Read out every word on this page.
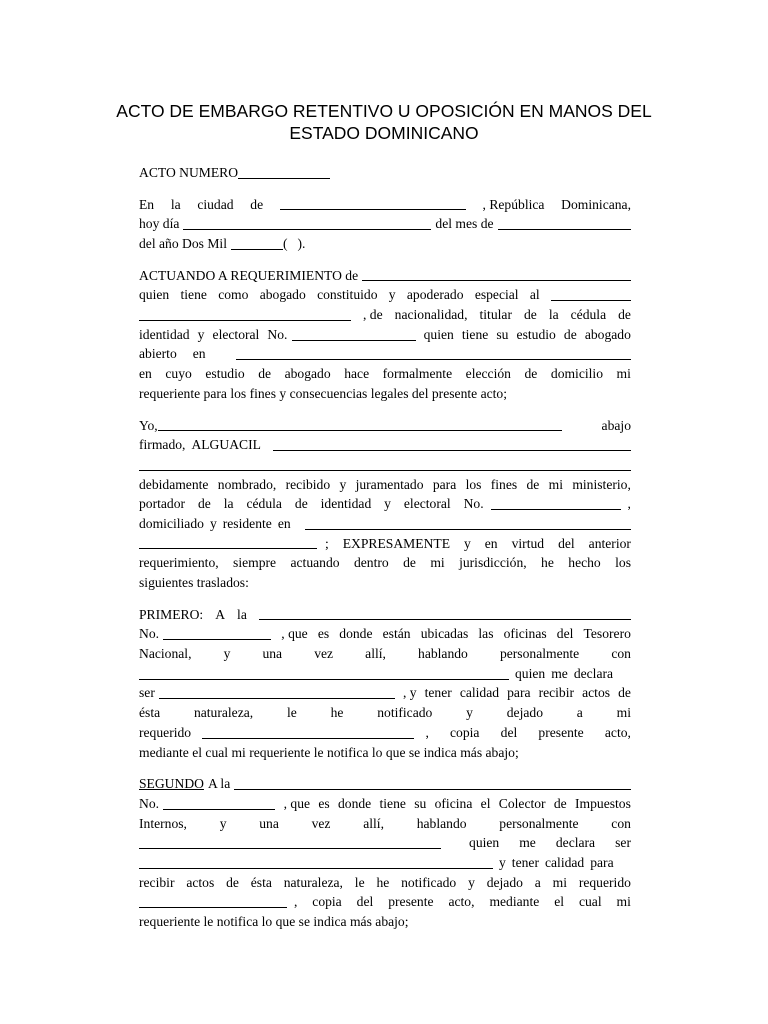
ACTO DE EMBARGO RETENTIVO U OPOSICIÓN EN MANOS DEL
ESTADO DOMINICANO
ACTO NUMERO
En la ciudad de	, República Dominicana,
hoy día	del mes de
del año Dos Mil	( ).
ACTUANDO A REQUERIMIENTO de
quien tiene como abogado constituido y apoderado especial al
, de nacionalidad, titular de la cédula de
identidad y electoral No.	quien tiene su estudio de abogado
abierto en
en cuyo estudio de abogado hace formalmente elección de domicilio mi
requeriente para los fines y consecuencias legales del presente acto;
Yo,	abajo
firmado, ALGUACIL
debidamente nombrado, recibido y juramentado para los fines de mi ministerio,
portador de la cédula de identidad y electoral No.	,
domiciliado y residente en
; EXPRESAMENTE y en virtud del anterior
requerimiento, siempre actuando dentro de mi jurisdicción, he hecho los
siguientes traslados:
PRIMERO: A la
No.	, que es donde están ubicadas las oficinas del Tesorero
Nacional, y una vez allí, hablando personalmente con
quien me declara
ser	, y tener calidad para recibir actos de
ésta naturaleza, le he notificado y dejado a mi
requerido	, copia del presente acto,
mediante el cual mi requeriente le notifica lo que se indica más abajo;
SEGUNDO A la
No.	, que es donde tiene su oficina el Colector de Impuestos
Internos, y una vez allí, hablando personalmente con
quien me declara ser
y tener calidad para
recibir actos de ésta naturaleza, le he notificado y dejado a mi requerido
, copia del presente acto, mediante el cual mi
requeriente le notifica lo que se indica más abajo;
